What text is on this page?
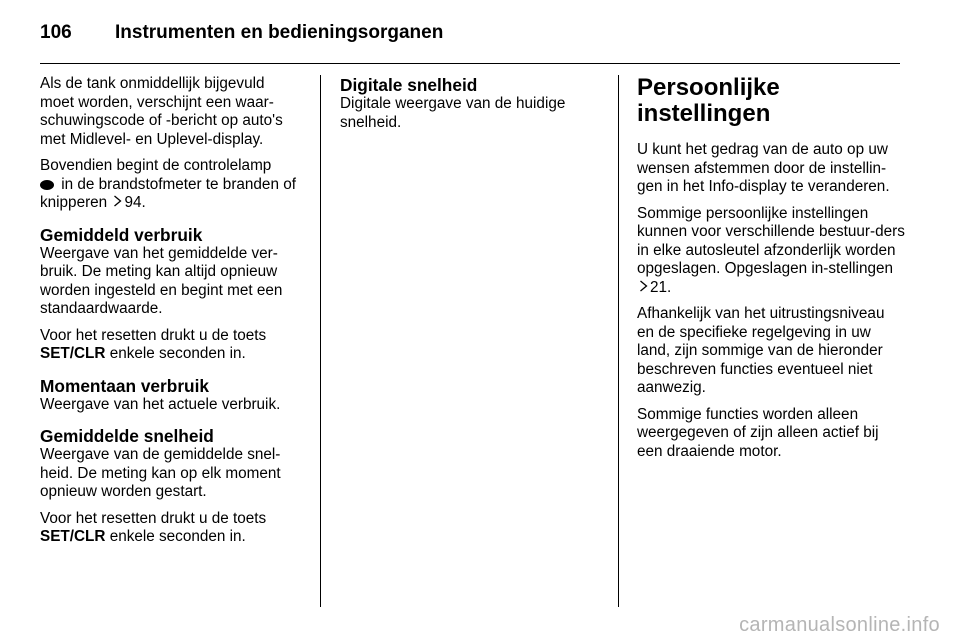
106 Instrumenten en bedieningsorganen

Als de tank onmiddellijk bijgevuld moet worden, verschijnt een waar-schuwingscode of -bericht op auto's met Midlevel- en Uplevel-display.

Bovendien begint de controlelamp
in de brandstofmeter te branden of knipperen 94.

Gemiddeld verbruik

Weergave van het gemiddelde ver-bruik. De meting kan altijd opnieuw worden ingesteld en begint met een standaardwaarde.

Voor het resetten drukt u de toets
SET/CLR enkele seconden in.

Momentaan verbruik

Weergave van het actuele verbruik.

Gemiddelde snelheid

Weergave van de gemiddelde snel-heid. De meting kan op elk moment opnieuw worden gestart.

Voor het resetten drukt u de toets
SET/CLR enkele seconden in.

Digitale snelheid

Digitale weergave van de huidige snelheid.

Persoonlijke instellingen

U kunt het gedrag van de auto op uw wensen afstemmen door de instellin-gen in het Info-display te veranderen.

Sommige persoonlijke instellingen kunnen voor verschillende bestuur-ders in elke autosleutel afzonderlijk worden opgeslagen. Opgeslagen in-stellingen 21.

Afhankelijk van het uitrustingsniveau en de specifieke regelgeving in uw land, zijn sommige van de hieronder beschreven functies eventueel niet aanwezig.

Sommige functies worden alleen weergegeven of zijn alleen actief bij een draaiende motor.

carmanualsonline.info
